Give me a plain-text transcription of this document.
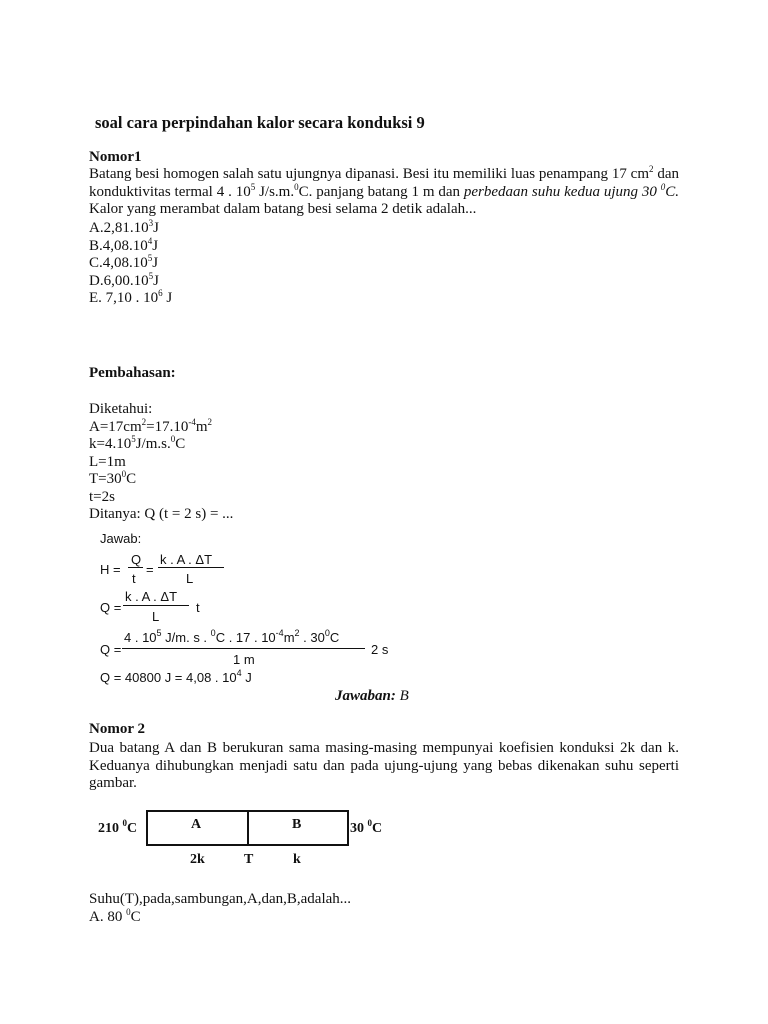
soal cara perpindahan kalor secara konduksi 9
Nomor1
Batang besi homogen salah satu ujungnya dipanasi. Besi itu memiliki luas penampang 17 $cm^2$ dan konduktivitas termal 4 . $10^5$ J/s.m.$^0$C. panjang batang 1 m dan perbedaan suhu kedua ujung 30 $^0$C. Kalor yang merambat dalam batang besi selama 2 detik adalah...
A.2,81.10$^3$J
B.4,08.10$^4$J
C.4,08.10$^5$J
D.6,00.10$^5$J
E. 7,10 . $10^6$ J
Pembahasan:
Diketahui:
$A=17cm^2=17.10^{-4}m^2$
$k=4.10^5J/m.s.^0C$
L=1m
$T=30^0C$
t=2s
Ditanya: Q (t = 2 s) = ...
Jawab:
H =
Q
t
=
k . A . ΔT
L
Q =
k . A . ΔT
L
t
Q =
4 . $10^5$ J/m. s . $^0$C . 17 . $10^{-4}m^2$ . $30^0C$
1 m
2 s
Q = 40800 J = 4,08 . $10^4$ J
Jawaban: B
Nomor 2
Dua batang A dan B berukuran sama masing-masing mempunyai koefisien konduksi 2k dan k. Keduanya dihubungkan menjadi satu dan pada ujung-ujung yang bebas dikenakan suhu seperti gambar.
Suhu(T),pada,sambungan,A,dan,B,adalah...
A. 80 $^0$C
210 $^0$C	A	B	30 $^0$C
2k	T	k
